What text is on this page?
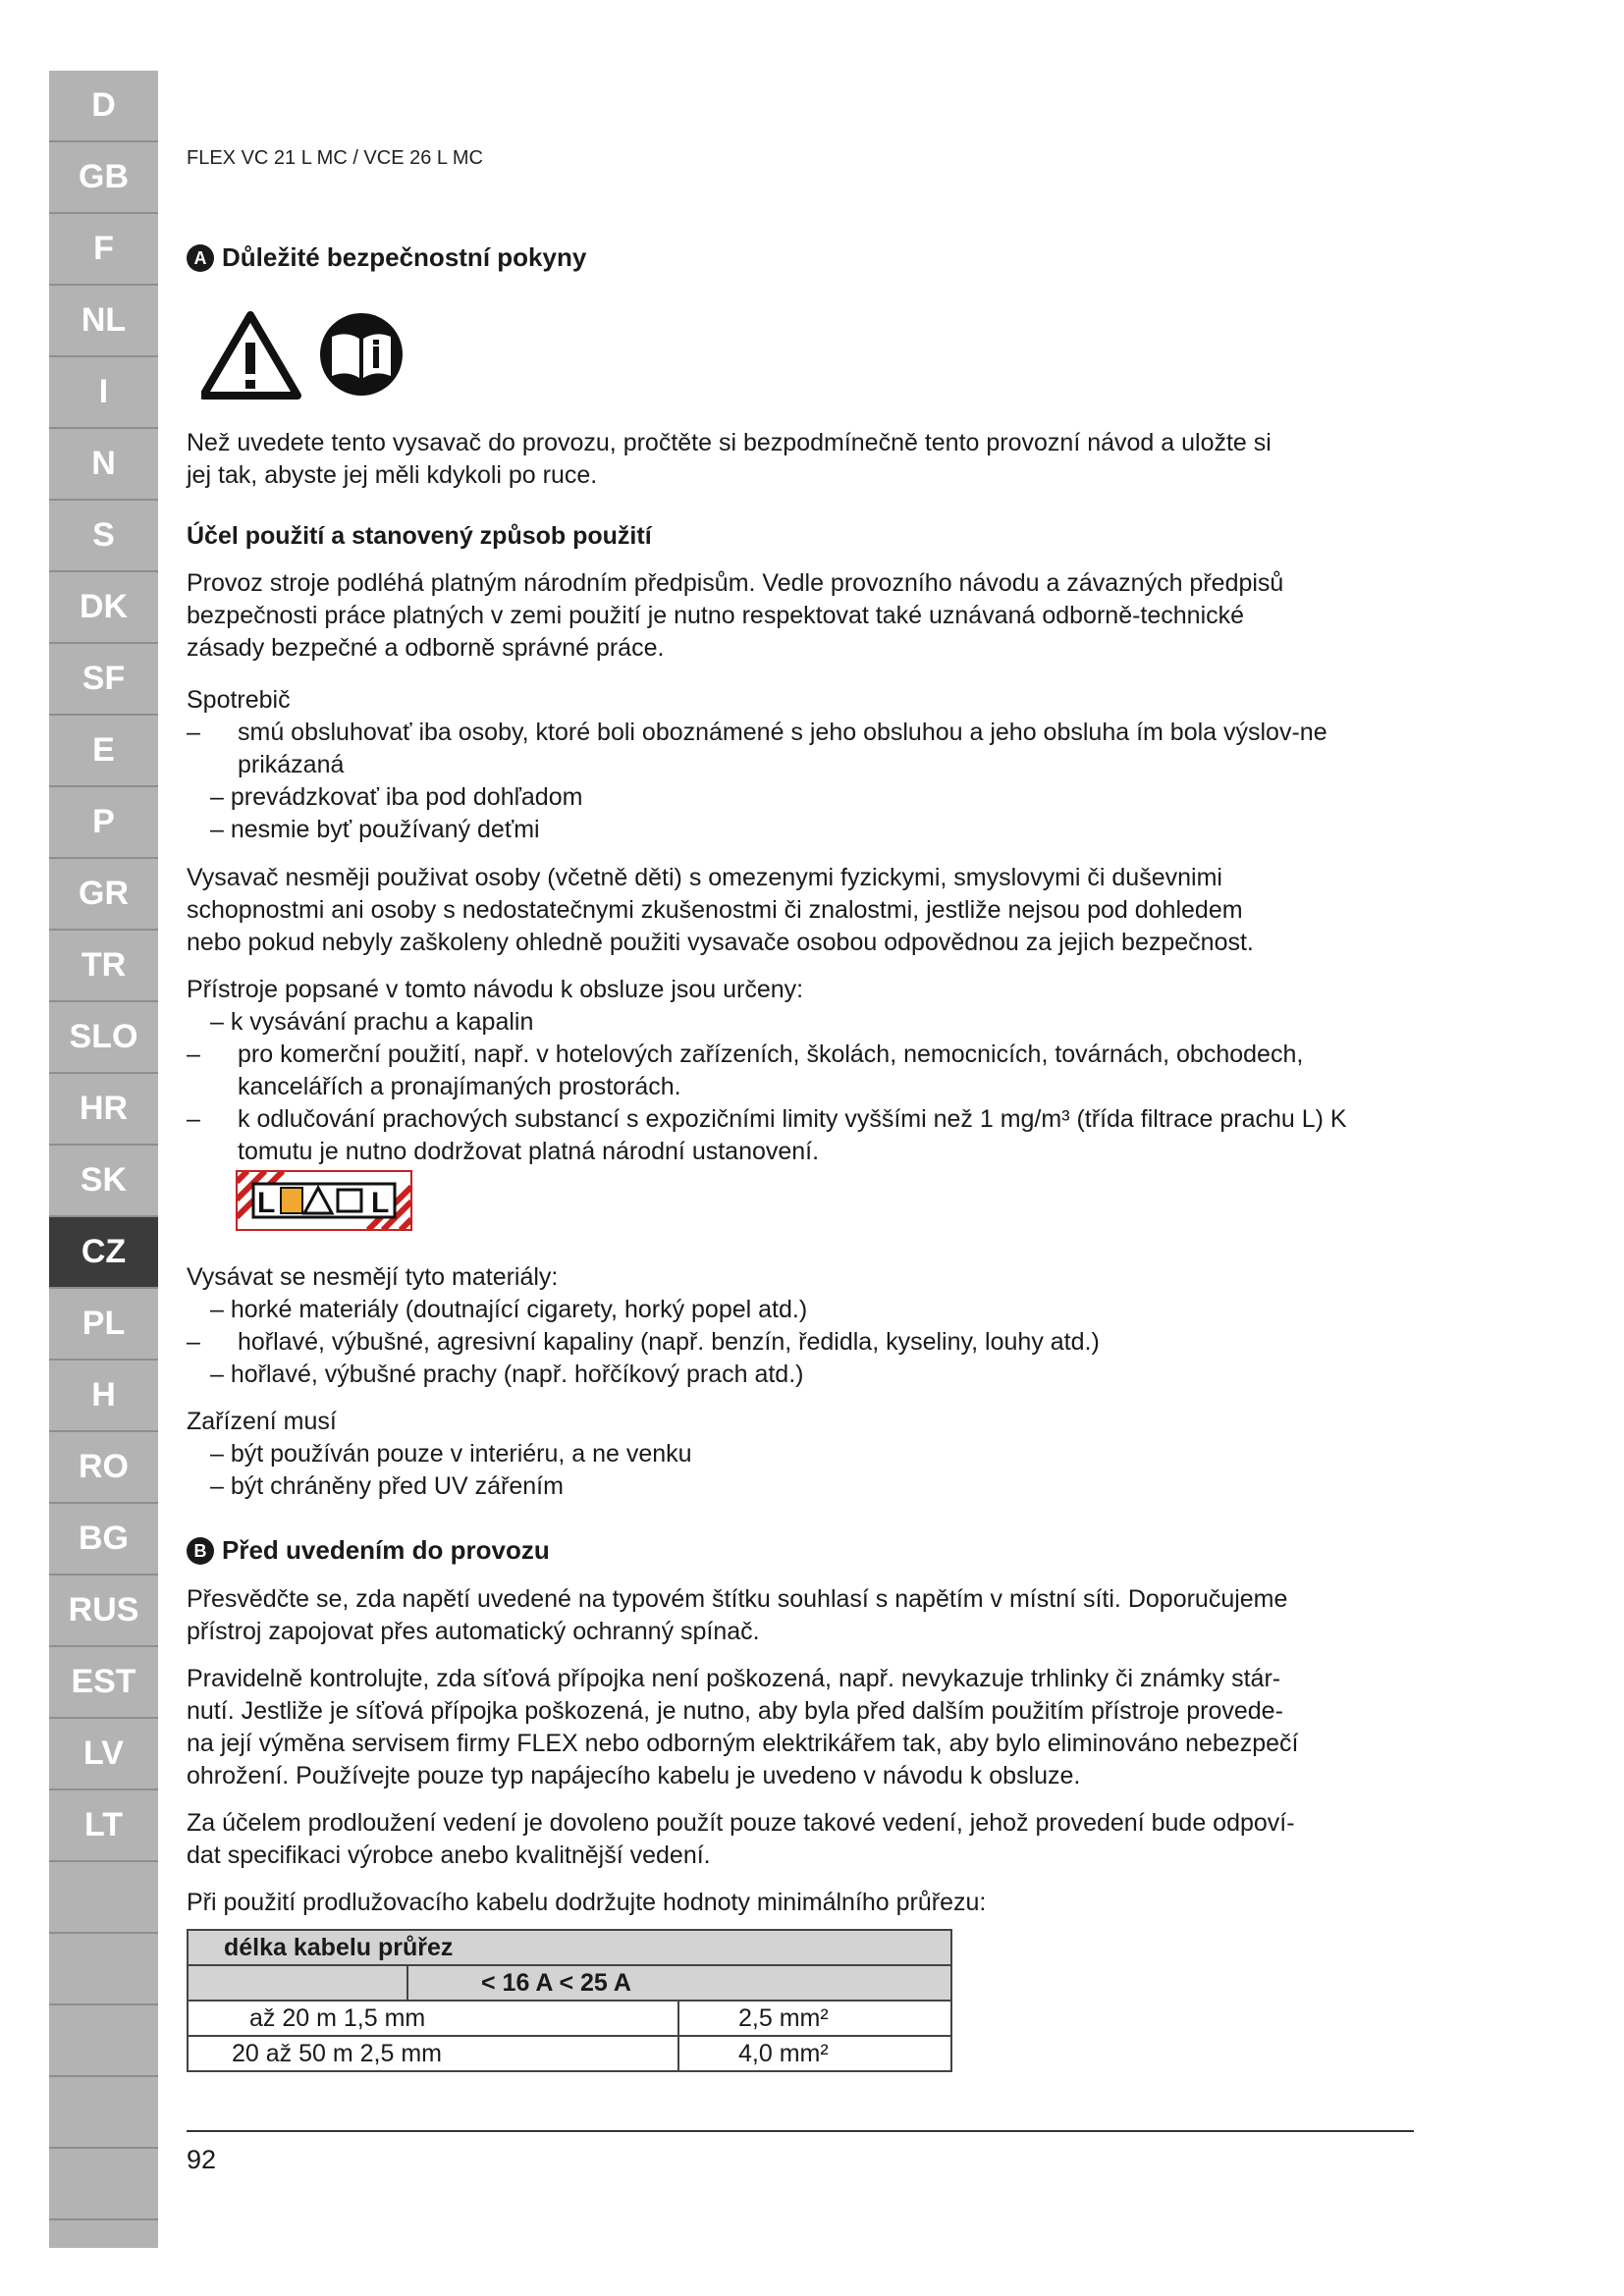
D
GB
F
NL
I
N
S
DK
SF
E
P
GR
TR
SLO
HR
SK
CZ
PL
H
RO
BG
RUS
EST
LV
LT
FLEX VC 21 L MC / VCE 26 L MC
A Důležité bezpečnostní pokyny
Než uvedete tento vysavač do provozu, pročtěte si bezpodmínečně tento provozní návod a uložte si
jej tak, abyste jej měli kdykoli po ruce.
Účel použití a stanovený způsob použití
Provoz stroje podléhá platným národním předpisům. Vedle provozního návodu a závazných předpisů
bezpečnosti práce platných v zemi použití je nutno respektovat také uznávaná odborně-technické
zásady bezpečné a odborně správné práce.
Spotrebič
–	smú obsluhovať iba osoby, ktoré boli oboznámené s jeho obsluhou a jeho obsluha ím bola výslov-ne prikázaná
– prevádzkovať iba pod dohľadom
– nesmie byť používaný deťmi
Vysavač nesměji použivat osoby (včetně děti) s omezenymi fyzickymi, smyslovymi či duševnimi
schopnostmi ani osoby s nedostatečnymi zkušenostmi či znalostmi, jestliže nejsou pod dohledem
nebo pokud nebyly zaškoleny ohledně použiti vysavače osobou odpovědnou za jejich bezpečnost.
Přístroje popsané v tomto návodu k obsluze jsou určeny:
– k vysávání prachu a kapalin
–	pro komerční použití, např. v hotelových zařízeních, školách, nemocnicích, továrnách, obchodech, kancelářích a pronajímaných prostorách.
–	k odlučování prachových substancí s expozičními limity vyššími než 1 mg/m³ (třída filtrace prachu L) K tomutu je nutno dodržovat platná národní ustanovení.
L	L
Vysávat se nesmějí tyto materiály:
– horké materiály (doutnající cigarety, horký popel atd.)
–	hořlavé, výbušné, agresivní kapaliny (např. benzín, ředidla, kyseliny, louhy atd.)
– hořlavé, výbušné prachy (např. hořčíkový prach atd.)
Zařízení musí
– být používán pouze v interiéru, a ne venku
– být chráněny před UV zářením
B Před uvedením do provozu
Přesvědčte se, zda napětí uvedené na typovém štítku souhlasí s napětím v místní síti. Doporučujeme
přístroj zapojovat přes automatický ochranný spínač.
Pravidelně kontrolujte, zda síťová přípojka není poškozená, např. nevykazuje trhlinky či známky stár-
nutí. Jestliže je síťová přípojka poškozená, je nutno, aby byla před dalším použitím přístroje provede-
na její výměna servisem firmy FLEX nebo odborným elektrikářem tak, aby bylo eliminováno nebezpečí
ohrožení. Používejte pouze typ napájecího kabelu je uvedeno v návodu k obsluze.
Za účelem prodloužení vedení je dovoleno použít pouze takové vedení, jehož provedení bude odpoví-
dat specifikaci výrobce anebo kvalitnější vedení.
Při použití prodlužovacího kabelu dodržujte hodnoty minimálního průřezu:
délka kabelu průřez		
	< 16 A < 25 A	
až 20 m 1,5 mm		2,5 mm²
20 až 50 m 2,5 mm		4,0 mm²
92
